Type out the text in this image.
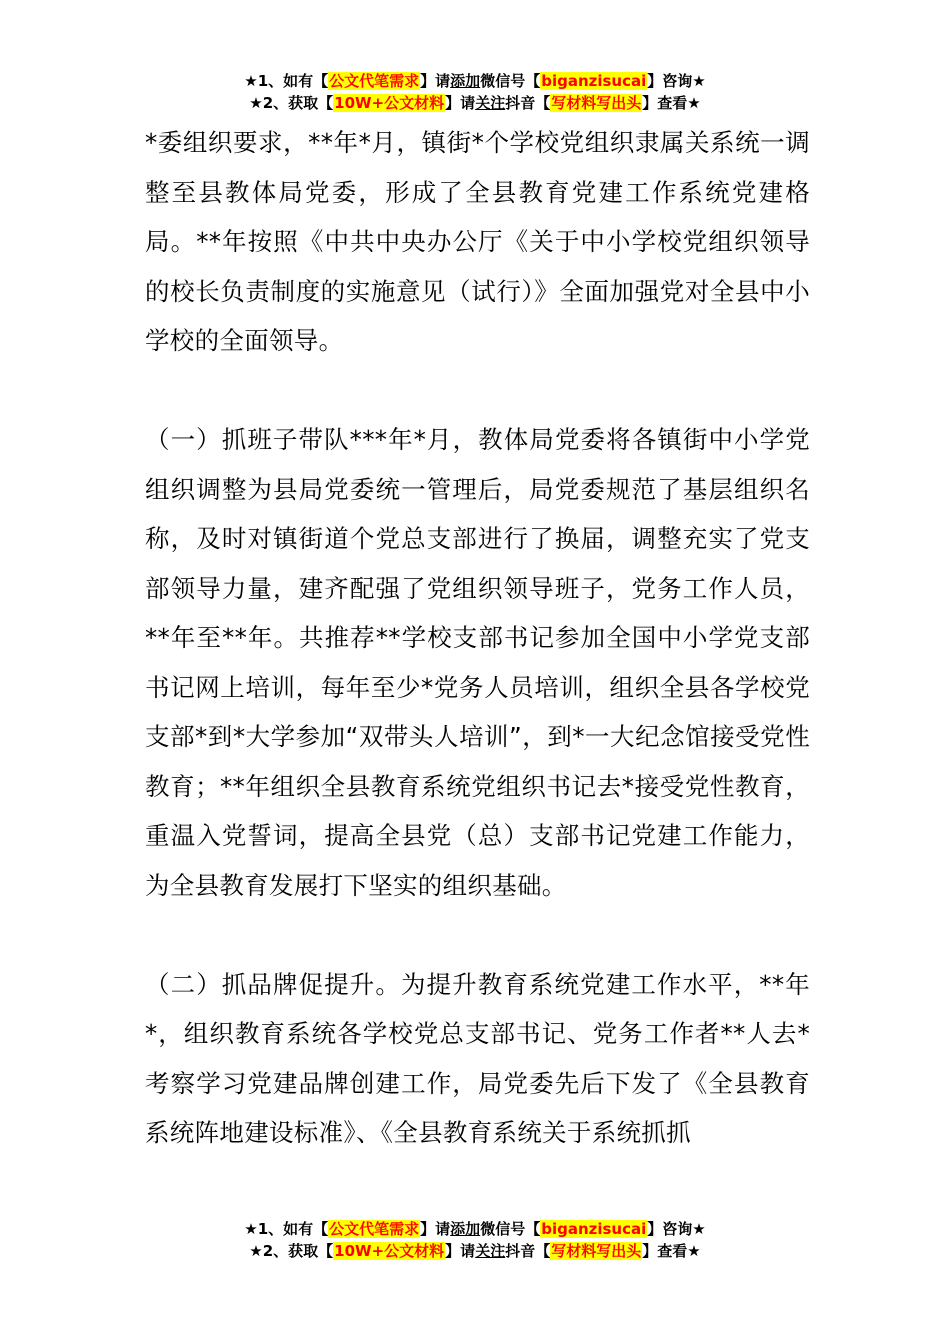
★1、如有【公文代笔需求】请添加微信号【biganzisucai】咨询★
★2、获取【10W+公文材料】请关注抖音【写材料写出头】查看★

*委组织要求，**年*月，镇街*个学校党组织隶属关系统一调整至县教体局党委，形成了全县教育党建工作系统党建格局。**年按照《中共中央办公厅《关于中小学校党组织领导的校长负责制度的实施意见（试行）》全面加强党对全县中小学校的全面领导。

（一）抓班子带队***年*月，教体局党委将各镇街中小学党组织调整为县局党委统一管理后，局党委规范了基层组织名称，及时对镇街道个党总支部进行了换届，调整充实了党支部领导力量，建齐配强了党组织领导班子，党务工作人员，**年至**年。共推荐**学校支部书记参加全国中小学党支部书记网上培训，每年至少*党务人员培训，组织全县各学校党支部*到*大学参加“双带头人培训”，到*一大纪念馆接受党性教育；**年组织全县教育系统党组织书记去*接受党性教育，重温入党誓词，提高全县党（总）支部书记党建工作能力，为全县教育发展打下坚实的组织基础。

（二）抓品牌促提升。为提升教育系统党建工作水平，**年*，组织教育系统各学校党总支部书记、党务工作者**人去*考察学习党建品牌创建工作，局党委先后下发了《全县教育系统阵地建设标准》、《全县教育系统关于系统抓抓

★1、如有【公文代笔需求】请添加微信号【biganzisucai】咨询★
★2、获取【10W+公文材料】请关注抖音【写材料写出头】查看★
